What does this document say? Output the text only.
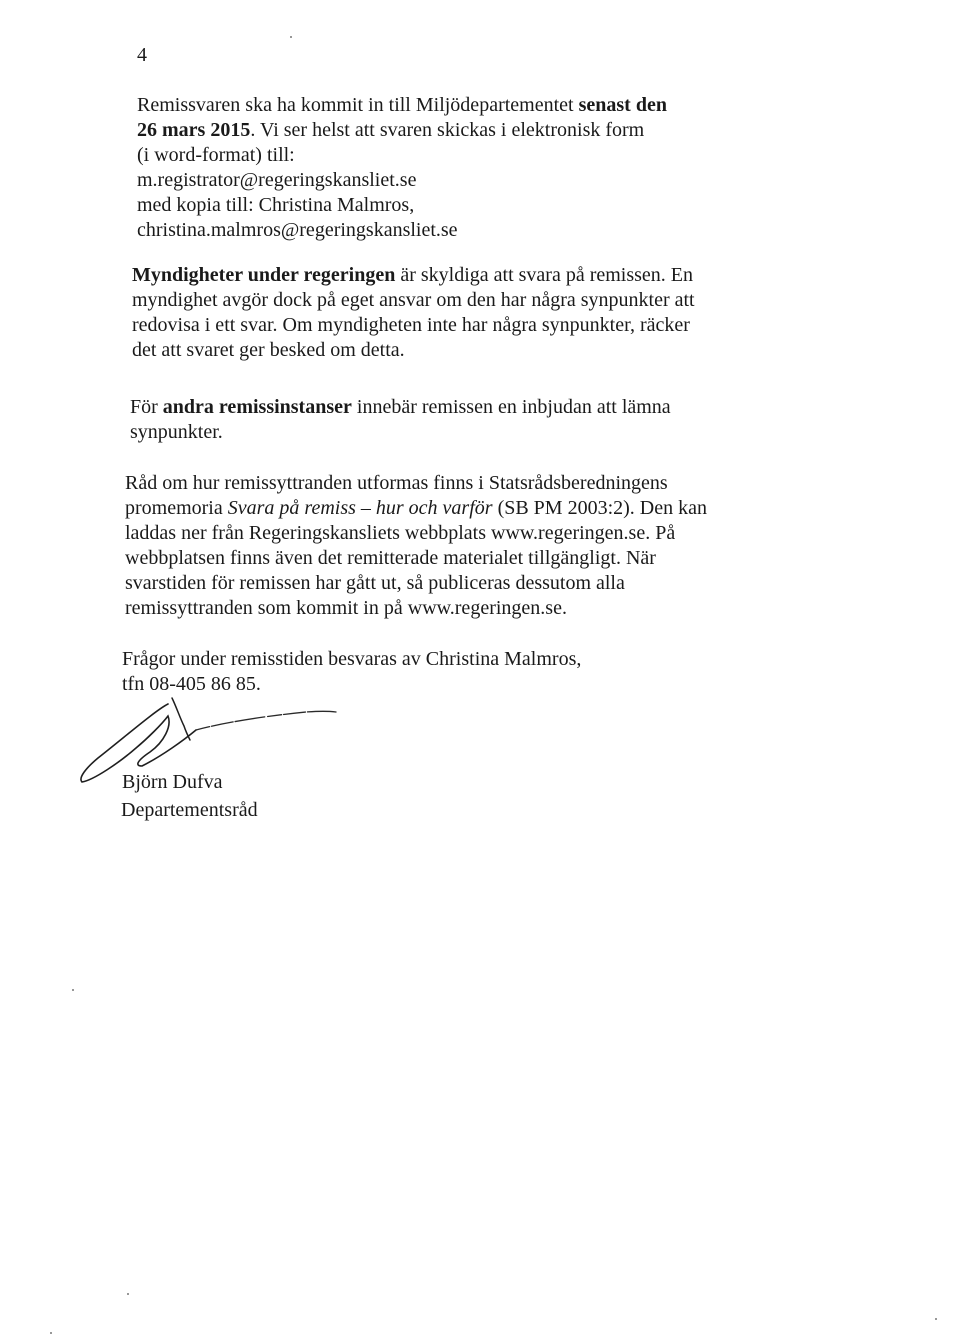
4
Remissvaren ska ha kommit in till Miljödepartementet senast den
26 mars 2015. Vi ser helst att svaren skickas i elektronisk form
(i word-format) till:
m.registrator@regeringskansliet.se
med kopia till: Christina Malmros,
christina.malmros@regeringskansliet.se
Myndigheter under regeringen är skyldiga att svara på remissen. En
myndighet avgör dock på eget ansvar om den har några synpunkter att
redovisa i ett svar. Om myndigheten inte har några synpunkter, räcker
det att svaret ger besked om detta.
För andra remissinstanser innebär remissen en inbjudan att lämna
synpunkter.
Råd om hur remissyttranden utformas finns i Statsrådsberedningens
promemoria Svara på remiss – hur och varför (SB PM 2003:2). Den kan
laddas ner från Regeringskansliets webbplats www.regeringen.se. På
webbplatsen finns även det remitterade materialet tillgängligt. När
svarstiden för remissen har gått ut, så publiceras dessutom alla
remissyttranden som kommit in på www.regeringen.se.
Frågor under remisstiden besvaras av Christina Malmros,
tfn 08-405 86 85.
Björn Dufva
Departementsråd
